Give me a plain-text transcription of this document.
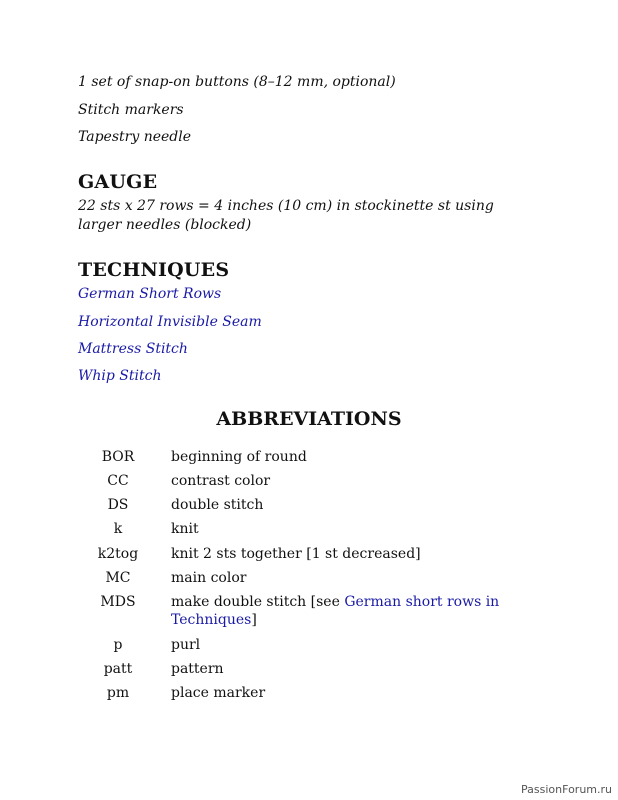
1 set of snap-on buttons (8–12 mm, optional)
Stitch markers
Tapestry needle
GAUGE
22 sts x 27 rows = 4 inches (10 cm) in stockinette st using larger needles (blocked)
TECHNIQUES
German Short Rows
Horizontal Invisible Seam
Mattress Stitch
Whip Stitch
ABBREVIATIONS
BOR	beginning of round
CC	contrast color
DS	double stitch
k	knit
k2tog	knit 2 sts together [1 st decreased]
MC	main color
MDS	make double stitch [see German short rows in Techniques]
p	purl
patt	pattern
pm	place marker
PassionForum.ru
